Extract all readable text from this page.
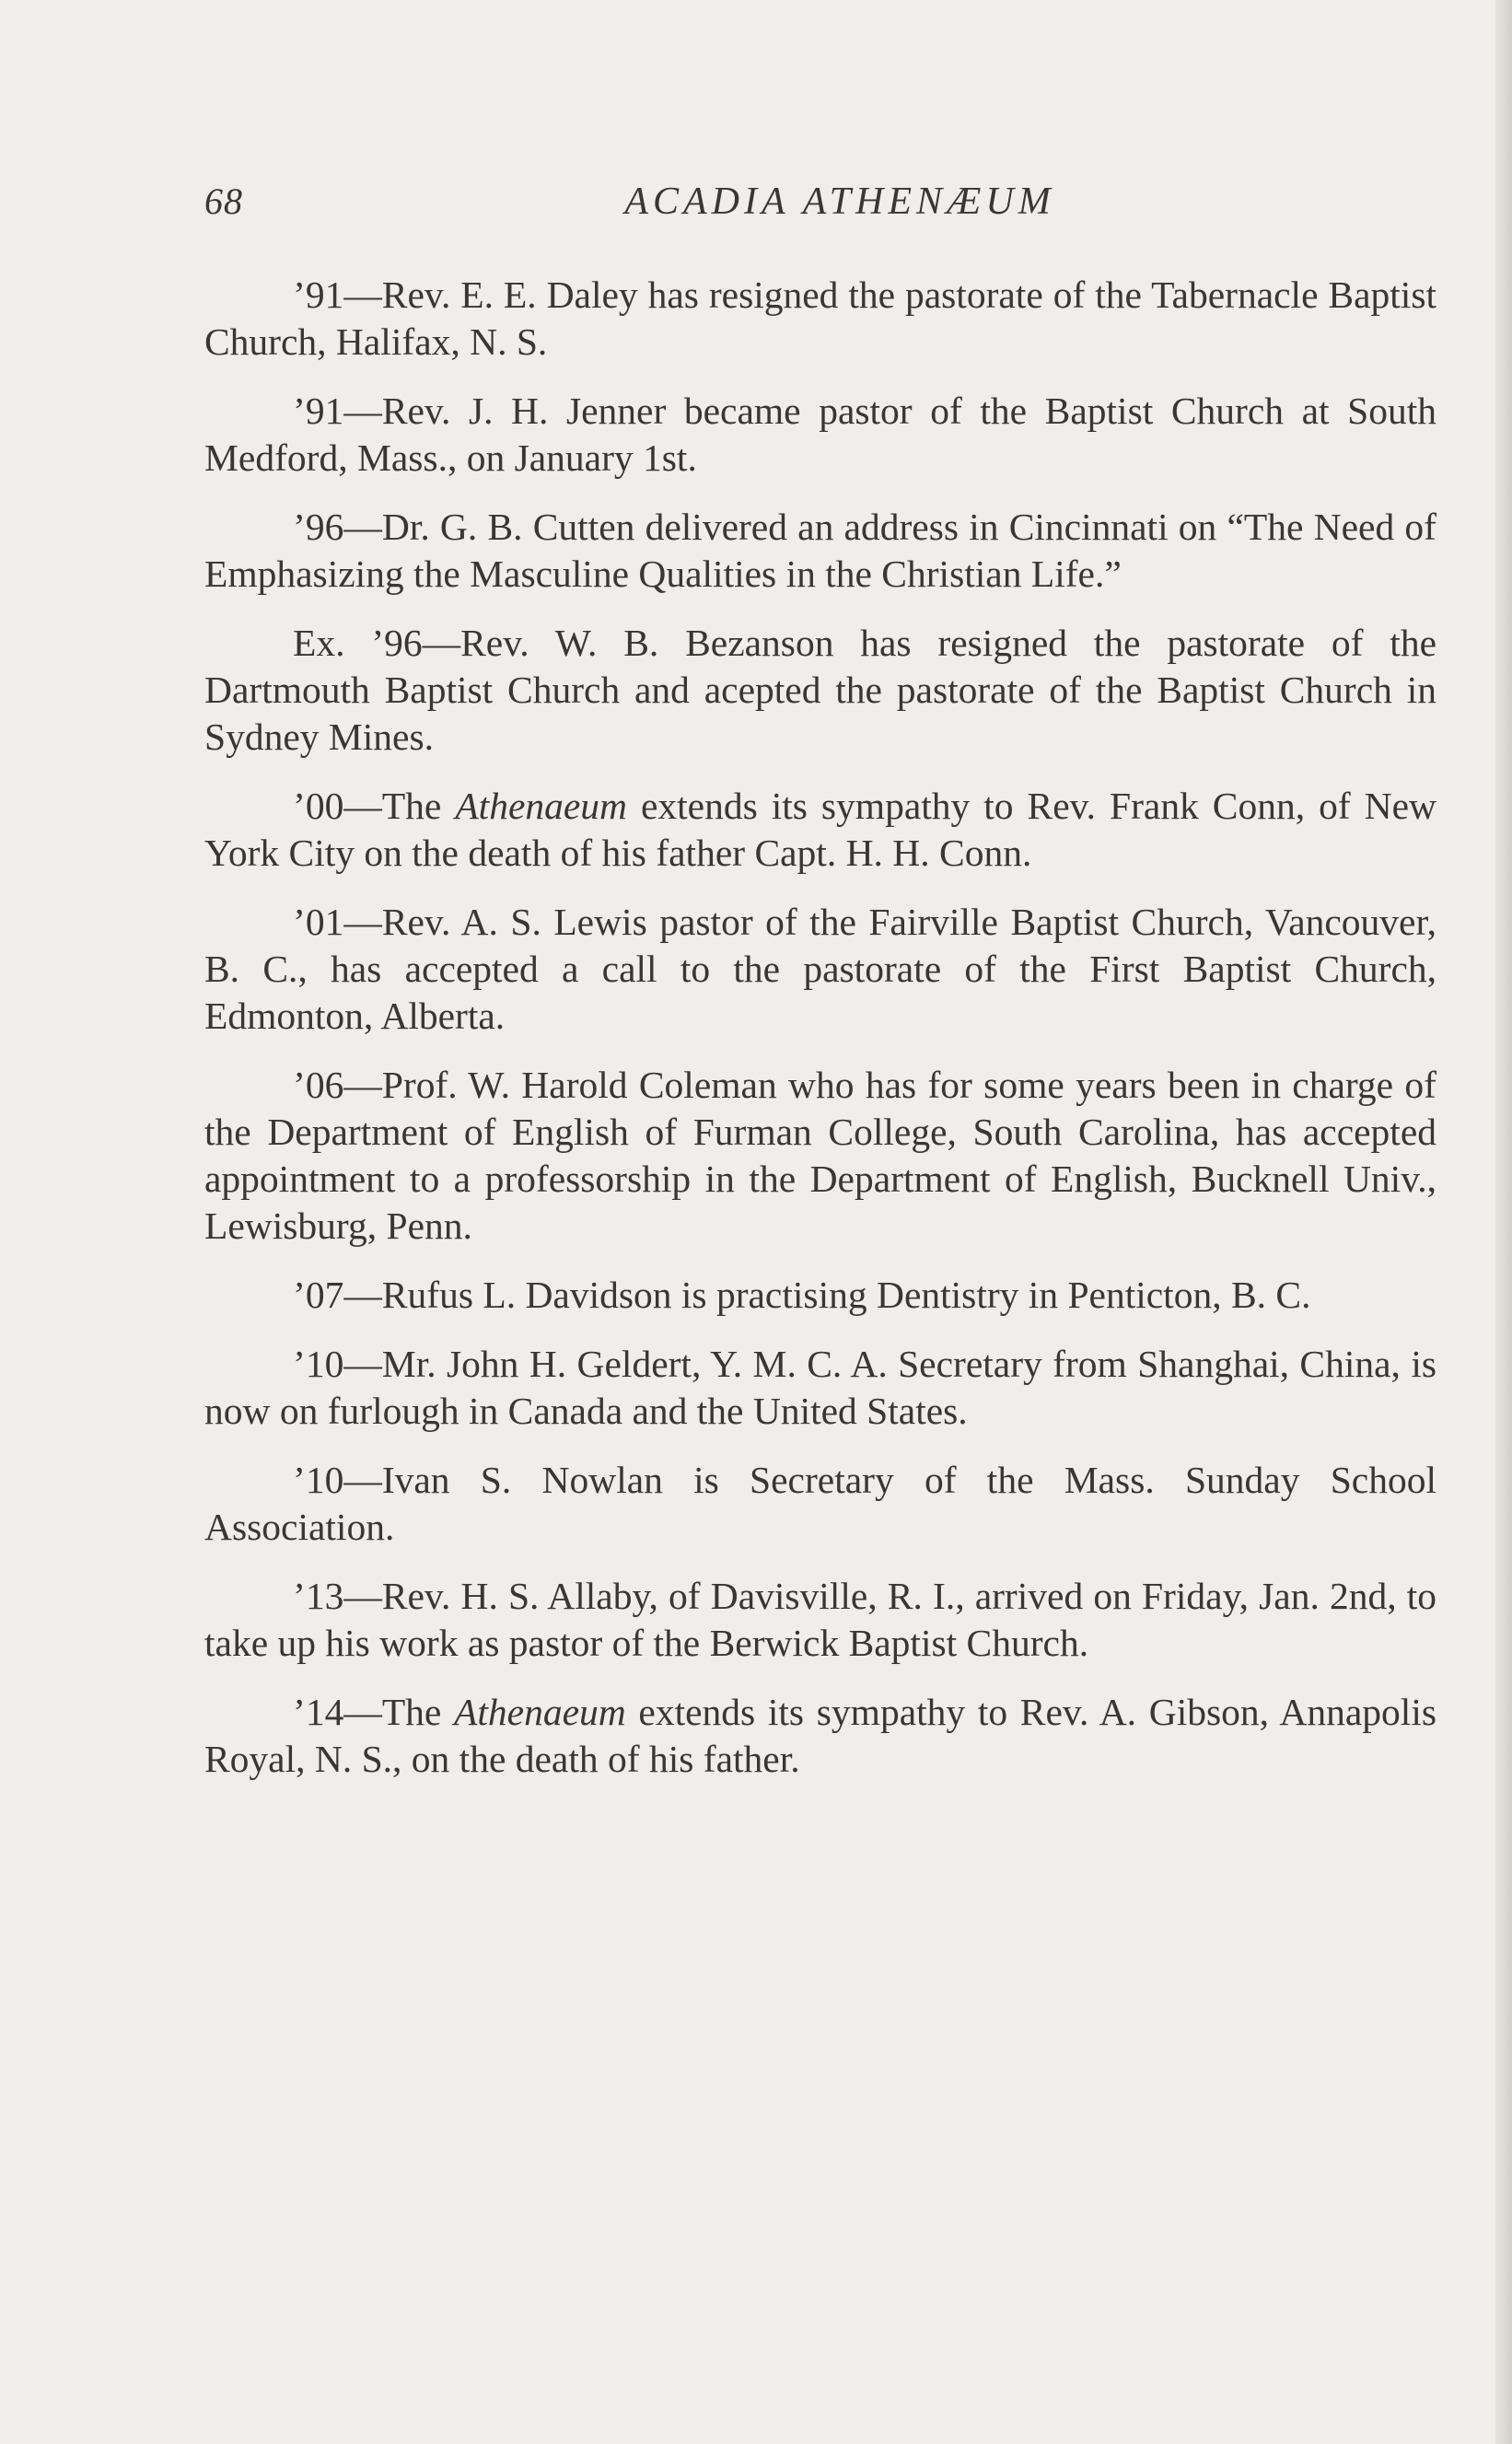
68	ACADIA ATHENÆUM

’91—Rev. E. E. Daley has resigned the pastorate of the Tabernacle Baptist Church, Halifax, N. S.

’91—Rev. J. H. Jenner became pastor of the Baptist Church at South Medford, Mass., on January 1st.

’96—Dr. G. B. Cutten delivered an address in Cincinnati on “The Need of Emphasizing the Masculine Qualities in the Christian Life.”

Ex. ’96—Rev. W. B. Bezanson has resigned the pastorate of the Dartmouth Baptist Church and acepted the pastorate of the Baptist Church in Sydney Mines.

’00—The Athenaeum extends its sympathy to Rev. Frank Conn, of New York City on the death of his father Capt. H. H. Conn.

’01—Rev. A. S. Lewis pastor of the Fairville Baptist Church, Vancouver, B. C., has accepted a call to the pastorate of the First Baptist Church, Edmonton, Alberta.

’06—Prof. W. Harold Coleman who has for some years been in charge of the Department of English of Furman College, South Carolina, has accepted appointment to a professorship in the Department of English, Bucknell Univ., Lewisburg, Penn.

’07—Rufus L. Davidson is practising Dentistry in Penticton, B. C.

’10—Mr. John H. Geldert, Y. M. C. A. Secretary from Shanghai, China, is now on furlough in Canada and the United States.

’10—Ivan S. Nowlan is Secretary of the Mass. Sunday School Association.

’13—Rev. H. S. Allaby, of Davisville, R. I., arrived on Friday, Jan. 2nd, to take up his work as pastor of the Berwick Baptist Church.

’14—The Athenaeum extends its sympathy to Rev. A. Gibson, Annapolis Royal, N. S., on the death of his father.
